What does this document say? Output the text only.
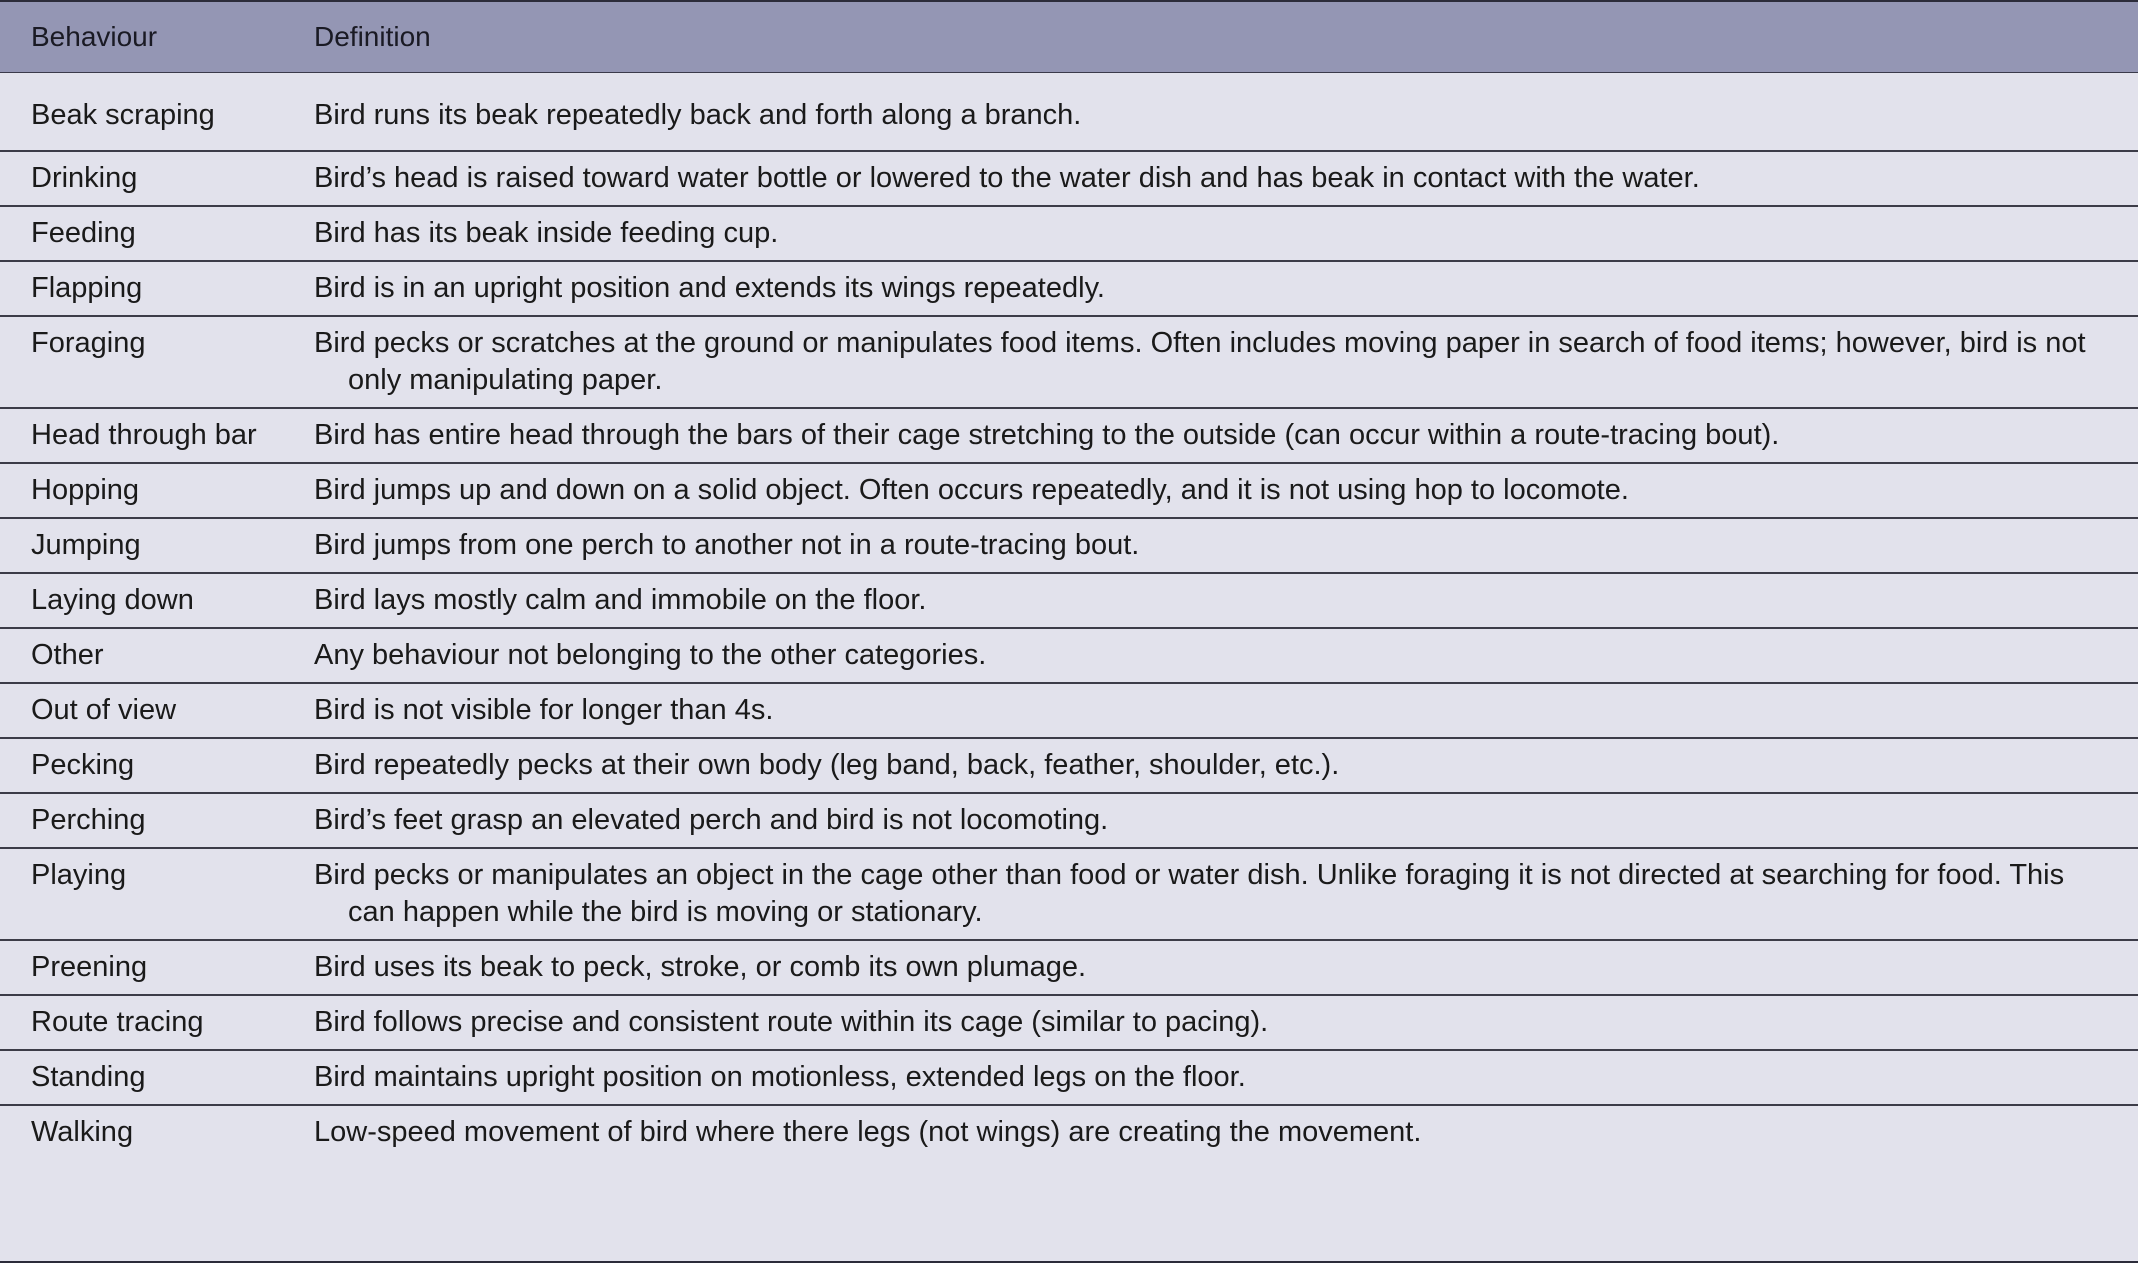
Behaviour	Definition

Beak scraping	Bird runs its beak repeatedly back and forth along a branch.

Drinking	Bird’s head is raised toward water bottle or lowered to the water dish and has beak in contact with the water.

Feeding	Bird has its beak inside feeding cup.

Flapping	Bird is in an upright position and extends its wings repeatedly.

Foraging	Bird pecks or scratches at the ground or manipulates food items. Often includes moving paper in search of food items; however, bird is not only manipulating paper.

Head through bar	Bird has entire head through the bars of their cage stretching to the outside (can occur within a route-tracing bout).

Hopping	Bird jumps up and down on a solid object. Often occurs repeatedly, and it is not using hop to locomote.

Jumping	Bird jumps from one perch to another not in a route-tracing bout.

Laying down	Bird lays mostly calm and immobile on the floor.

Other	Any behaviour not belonging to the other categories.

Out of view	Bird is not visible for longer than 4s.

Pecking	Bird repeatedly pecks at their own body (leg band, back, feather, shoulder, etc.).

Perching	Bird’s feet grasp an elevated perch and bird is not locomoting.

Playing	Bird pecks or manipulates an object in the cage other than food or water dish. Unlike foraging it is not directed at searching for food. This can happen while the bird is moving or stationary.

Preening	Bird uses its beak to peck, stroke, or comb its own plumage.

Route tracing	Bird follows precise and consistent route within its cage (similar to pacing).

Standing	Bird maintains upright position on motionless, extended legs on the floor.

Walking	Low-speed movement of bird where there legs (not wings) are creating the movement.
